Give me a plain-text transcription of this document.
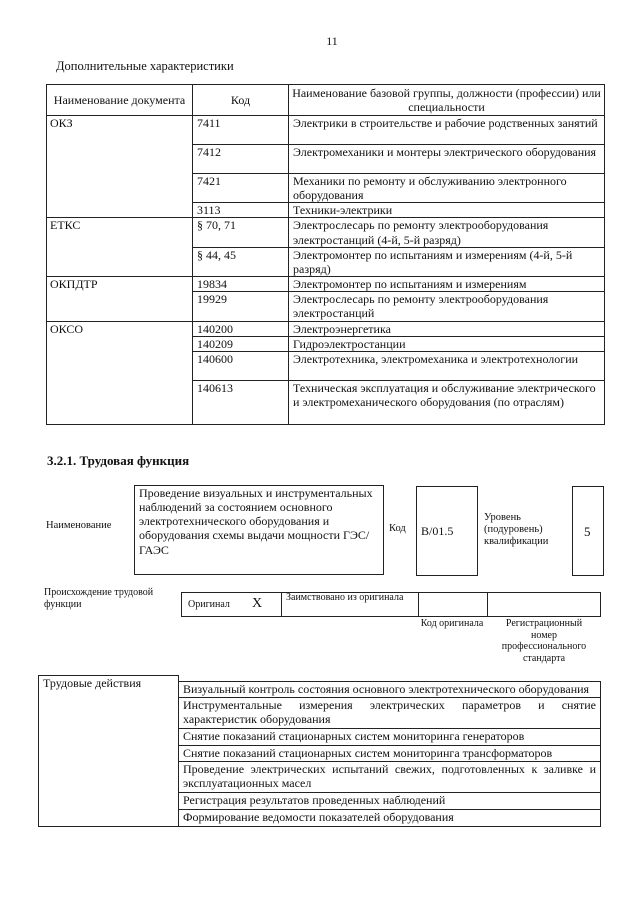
11
Дополнительные характеристики
Наименование документа	Код	Наименование базовой группы, должности (профессии) или специальности
ОКЗ	7411	Электрики в строительстве и рабочие родственных занятий
	7412	Электромеханики и монтеры электрического оборудования
	7421	Механики по ремонту и обслуживанию электронного оборудования
	3113	Техники-электрики
ЕТКС	§ 70, 71	Электрослесарь по ремонту электрооборудования электростанций (4-й, 5-й разряд)
	§ 44, 45	Электромонтер по испытаниям и измерениям (4-й, 5-й разряд)
ОКПДТР	19834	Электромонтер по испытаниям и измерениям
	19929	Электрослесарь по ремонту электрооборудования электростанций
ОКСО	140200	Электроэнергетика
	140209	Гидроэлектростанции
	140600	Электротехника, электромеханика и электротехнологии
	140613	Техническая эксплуатация и обслуживание электрического и электромеханического оборудования (по отраслям)
3.2.1. Трудовая функция
Наименование
Проведение визуальных и инструментальных наблюдений за состоянием основного электротехнического оборудования и оборудования схемы выдачи мощности ГЭС/ГАЭС
Код B/01.5
Уровень (подуровень) квалификации
5
Происхождение трудовой функции	Оригинал X Заимствовано из оригинала
Код оригинала	Регистрационный номер профессионального стандарта
Трудовые действия	
Визуальный контроль состояния основного электротехнического оборудования
Инструментальные измерения электрических параметров и снятие характеристик оборудования
Снятие показаний стационарных систем мониторинга генераторов
Снятие показаний стационарных систем мониторинга трансформаторов
Проведение электрических испытаний свежих, подготовленных к заливке и эксплуатационных масел
Регистрация результатов проведенных наблюдений
Формирование ведомости показателей оборудования
